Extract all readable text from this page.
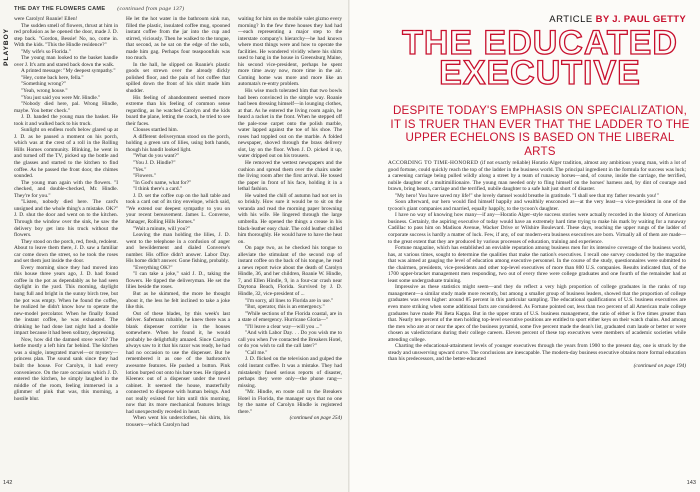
PLAYBOY
THE DAY THE FLOWERS CAME (continued from page 137)

were Carolyn! Roanie! Ellen!

The sudden smell of flowers, thrust at him in red profusion as he opened the door, made J. D. step back. "Gordon, Bessie! No, no, come in. With the kids. "This the Hindle residence?"

"My wife's so Florida."

The young man looked to the basket handle over J. It's arm and stared back down the walk.

A printed message: "My deepest sympathy."

"Hey, come back here, fella."

"Something wrong?"

"Yeah, wrong house."

"You just said you were Mr. Hindle."

"Nobody died here, pal. Wrong Hindle, maybe. You better check."

J. D. handed the young man the basket. He took it and walked back to his truck.

Sunlight on endless roofs below glared up at J. D. as he paused a moment on his porch, which was at the crest of a roll in the Rolling Hills Homes community. Blinking, he went in and turned off the TV, picked up the bottle and the glasses and started to the kitchen to find coffee. As he passed the front door, the chimes sounded.

The young man again with the flowers. "I checked, and double-checked, Mr. Hindle. They're for you."

"Listen, nobody died here. The card's unsigned and the whole thing's a mistake. OK?" J. D. shut the door and went on to the kitchen. Through the window over the sink, he saw the delivery boy get into his truck without the flowers.

They stood on the porch, red, fresh, redolent. About to leave them there, J. D. saw a familiar car come down the street, so he took the roses and set them just inside the door.

Every morning since they had moved into this house three years ago, J. D. had found coffee in the pot as dependably as he had seen daylight in the yard. This morning, daylight hung full and bright in the sunny birch tree, but the pot was empty. When he found the coffee, he realized he didn't know how to operate the new-model percolator. When he finally found the instant coffee, he was exhausted. The drinking he had done last night had a double impact because it had been solitary, depressing.

Now, how did the damned stove work? The kettle mostly a left him far behind. The kitchen was a single, integrated marvel—or mystery—princess plan. The sound sank since they had built the house. For Carolyn, it had every convenience. On the rare occasions which J. D. entered the kitchen, he simply laughed in the middle of the room, feeling immersed in a glimmer of pink that was, this morning, a hostile blur.

He let the hot water in the bathroom sink run, filled the plastic, insulated coffee mug, spooned instant coffee from the jar into the cup and stirred, viciously. Then he walked to the tongue, that second, as he sat on the edge of the sofa, made him gag. Perhaps four teaspoonfuls was too much.

In the hall, he slipped on Roanie's plastic goods set strewn over the already dickly polished floor, and the pain of hot coffee that spilled down the front of his shirt made him shudder.

His feeling of abandonment seemed more extreme than his feeling of common sense regarding, as he watched Carolyn and the kids board the plane, letting the coach, he tried to see their faces.

Clouses startled him.

A different deliveryman stood on the porch, holding a green urn of lilies, using both hands, though his bandit looked light.

"What do you want?"

"You J. D. Hindle?"

"Yes."

"Flowers."

"In God's name, what for?"

"I think there's a card."

J. D. set the coffee cup on the hall table and took a card out of its tiny envelope, which said, "We extend our deepest sympathy to you on your recent bereavement. James L. Converse, Manager, Rolling Hills Homes."

"Wait a minute, will you?"

Leaving the man holding the lilies, J. D. went to the telephone in a confusion of anger and bewilderment and dialed Converse's number. His office didn't answer. Labor Day. His home didn't answer. Gone fishing, probably.

"Everything OK?"

"I can take a joke," said J. D., taking the flowers. He tipped the deliveryman. He set the lilies beside the roses.

But as he skimmed, the more he thought about it, the less he felt inclined to take a joke like this.

Out of these blades, by this week's last deliver. Safemans rubable, he knew there was a blank dispenser corridor in the houses somewhere. When he found it, he would probably be delightfully amazed. Since Carolyn always saw to it that his razor was ready, he had had no occasion to use the dispenser. But he remembered it as one of the bathroom's awesome features. He pushed a button. Pink lotion burped out onto his bare toes. He ripped a Kleenex out of a dispenser under the towel cabinet. It seemed the house, masterfully connected to dispense with human beings. And not really existed for him until this morning, now that its more mechanical features brings had unexpectedly receded in heart.

When went his underclothes, his shirts, his trousers—which Carolyn had

waiting for him on the mobile valet gizmo every morning? In the few three houses they had had—each representing a major step to the interstate company's hierarchy—he had known where most things were and how to operate the facilities. He wondered vividly where his shirts used to hang in the house in Greensburg Maine, his second vice-president, perhaps he spent more time away now, more time in the air. Coming home was more and more like an automata's re-entry problem.

His wise much tolerated him that two bowls had been convinced in the simple way. Roanie had been dressing himself—in lounging clothes, at that. As he entered the living room again, he heard a racket in the front. When he stepped off the pale-rose carpet onto the polish marble, water lapped against the toe of his shoe. The roses had toppled out on the marble. A folded newspaper, shoved through the brass delivery slot, lay on the floor. When J. D. picked it up, water dripped out on his trousers.

He removed the wettest newspapers and the cushion and spread them over the chairs under the living room after the first arrival. He tossed the paper in front of his face, holding it in a lethal fashion.

He waited the chill of autumn had not set in so briskly. How sure it would be to sit on the veranda and read the morning paper browning with his wife. He lingered through the large umbrella. He opened the things a crease in his black-leather easy chair. The cold leather chilled him thoroughly. He would have to have the heat on.

On page two, as he checked his tongue to alleviate the stimulant of the second cup of instant coffee on the back of his tongue, he read a news report twice about the death of Carolyn Hindle, 36, and her children, Roanie W. Hindle, 7, and Ellen Hindle, 9, in a four-car crash near Daytona Beach, Florida. Survived by J. D. Hindle, 32, vice-president of ...

"I'm sorry, all lines to Florida are in use."

"But, operator, this is an emergency."

"While sections of the Florida coastal, are in a state of emergency. Hurricane Gloria—"

"I'll leave a clear way—will you ..."

"And with Labor Day. . . Do you wish me to call you when I've contacted the Breakers Hotel, or do you wish to call the call later?"

"Call me."

J. D. flicked on the television and gulped the cold instant coffee. It was a mistake. They had mistakenly fused serious reports of disaster, perhaps they were only—the phone rang—missing.

"Mr. Hindle, en route call to the Breakers Hotel in Florida, the manager says that no one by the name of Carolyn Hindle is registered there."

(continued on page 254)

142
ARTICLE BY J. PAUL GETTY
THE EDUCATED
EXECUTIVE
DESPITE TODAY'S EMPHASIS ON SPECIALIZATION, IT IS TRUER THAN EVER THAT THE LADDER TO THE UPPER ECHELONS IS BASED ON THE LIBERAL ARTS
143

ACCORDING TO TIME-HONORED (if not exactly reliable) Horatio Alger tradition, almost any ambitious young man, with a lot of good fortune, could quickly reach the top of the ladder in the business world. The principal ingredient in the formula for success was luck; a careening carriage being pulled wildly along a street by a team of runaway horses—and, of course, inside the carriage, the terrified, nubile daughter of a multimillionaire. The young man needed only to fling himself on the horses' harness and, by dint of courage and brawn, bring beasts, carriage and the terrified, nubile daughter to a safe halt just short of disaster.

"My hero! You have saved my life!" she lovely damsel would breathe in gratitude. "I shall see that my father rewards you!"

Soon afterward, our hero would find himself happily and wealthily ensconced as—at the very least—a vice-president in one of the tycoon's giant companies and married, equally happily, to the tycoon's daughter.

I have no way of knowing how many—if any—Horatio Alger–style success stories were actually recorded in the history of American business. Certainly, the aspiring executive of today would have an extremely hard time trying to make his mark by waiting for a runaway Cadillac to pass him on Madison Avenue, Wacker Drive or Wilshire Boulevard. These days, reaching the upper rungs of the ladder of corporate success is hardly a matter of luck. Few, if any, of our modern-era business executives are born. Virtually all of them are made—to the great extent that they are produced by various processes of education, training and experience.

Fortune magazine, which has established an enviable reputation among business men for its intensive coverage of the business world, has, at various times, sought to determine the qualities that make the nation's executives. I recall one survey conducted by the magazine that was aimed at gauging the level of education among executive personnel. In the course of the study, questionnaires were submitted to the chairmen, presidents, vice-presidents and other top-level executives of more than 800 U.S. companies. Results indicated that, of the 1700 upper-bracket management men responding, two out of every three were college graduates and one fourth of the remainder had at least some undergraduate training.

Impressive as these statistics might seem—and they do reflect a very high proportion of college graduates in the ranks of top management—a similar study made more recently, but among a smaller group of business leaders, showed that the proportion of college graduates was even higher: around 85 percent in this particular sampling. The educational qualifications of U.S. business executives are even more striking when some additional facts are considered. As Fortune pointed out, less than two percent of all American male college graduates have made Phi Beta Kappa. But in the upper strata of U.S. business management, the ratio of either is five times greater than that. Nearly ten percent of the men holding top-level executive positions are entitled to sport either keys on their watch chains. And among the men who are at or near the apex of the business pyramid, some five percent made the dean's list, graduated cum laude or better or were chosen as valedictorians during their college careers. Eleven percent of these top executives were members of academic societies while attending college.

Charting the educational-attainment levels of younger executives through the years from 1900 to the present day, one is struck by the steady and unswerving upward curve. The conclusions are inescapable. The modern-day business executive obtains more formal education than his predecessors, and the better-educated

(continued on page 194)
